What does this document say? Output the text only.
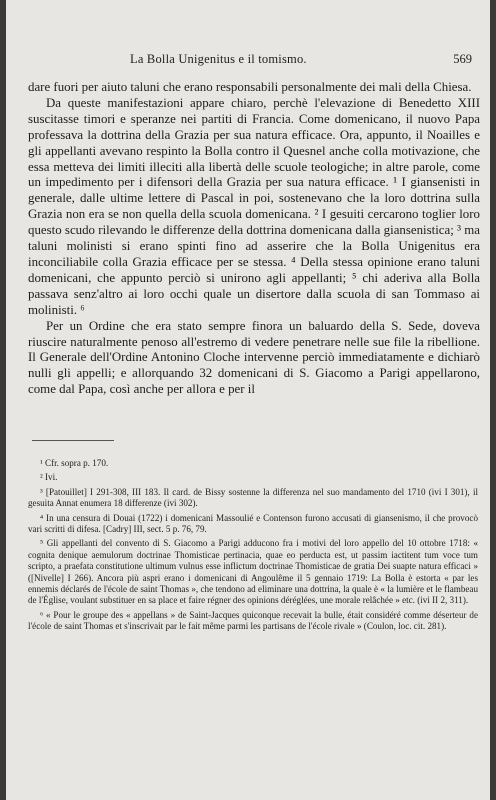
La Bolla Unigenitus e il tomismo.	569

dare fuori per aiuto taluni che erano responsabili personalmente dei mali della Chiesa.

Da queste manifestazioni appare chiaro, perchè l'elevazione di Benedetto XIII suscitasse timori e speranze nei partiti di Francia. Come domenicano, il nuovo Papa professava la dottrina della Grazia per sua natura efficace. Ora, appunto, il Noailles e gli appellanti avevano respinto la Bolla contro il Quesnel anche colla motivazione, che essa metteva dei limiti illeciti alla libertà delle scuole teologiche; in altre parole, come un impedimento per i difensori della Grazia per sua natura efficace. ¹ I giansenisti in generale, dalle ultime lettere di Pascal in poi, sostenevano che la loro dottrina sulla Grazia non era se non quella della scuola domenicana. ² I gesuiti cercarono toglier loro questo scudo rilevando le differenze della dottrina domenicana dalla giansenistica; ³ ma taluni molinisti si erano spinti fino ad asserire che la Bolla Unigenitus era inconciliabile colla Grazia efficace per se stessa. ⁴ Della stessa opinione erano taluni domenicani, che appunto perciò si unirono agli appellanti; ⁵ chi aderiva alla Bolla passava senz'altro ai loro occhi quale un disertore dalla scuola di san Tommaso ai molinisti. ⁶

Per un Ordine che era stato sempre finora un baluardo della S. Sede, doveva riuscire naturalmente penoso all'estremo di vedere penetrare nelle sue file la ribellione. Il Generale dell'Ordine Antonino Cloche intervenne perciò immediatamente e dichiarò nulli gli appelli; e allorquando 32 domenicani di S. Giacomo a Parigi appellarono, come dal Papa, così anche per allora e per il

¹ Cfr. sopra p. 170.

² Ivi.

³ [Patouillet] I 291-308, III 183. Il card. de Bissy sostenne la differenza nel suo mandamento del 1710 (ivi I 301), il gesuita Annat enumera 18 differenze (ivi 302).

⁴ In una censura di Douai (1722) i domenicani Massoulié e Contenson furono accusati di giansenismo, il che provocò vari scritti di difesa. [Cadry] III, sect. 5 p. 76, 79.

⁵ Gli appellanti del convento di S. Giacomo a Parigi adducono fra i motivi del loro appello del 10 ottobre 1718: « cognita denique aemulorum doctrinae Thomisticae pertinacia, quae eo perducta est, ut passim iactitent tum voce tum scripto, a praefata constitutione ultimum vulnus esse inflictum doctrinae Thomisticae de gratia Dei suapte natura efficaci » ([Nivelle] I 266). Ancora più aspri erano i domenicani di Angoulême il 5 gennaio 1719: La Bolla è estorta « par les ennemis déclarés de l'école de saint Thomas », che tendono ad eliminare una dottrina, la quale è « la lumière et le flambeau de l'Église, voulant substituer en sa place et faire régner des opinions déréglées, une morale relâchée » etc. (ivi II 2, 311).

⁶ « Pour le groupe des « appellans » de Saint-Jacques quiconque recevait la bulle, était considéré comme déserteur de l'école de saint Thomas et s'inscrivait par le fait même parmi les partisans de l'école rivale » (Coulon, loc. cit. 281).
